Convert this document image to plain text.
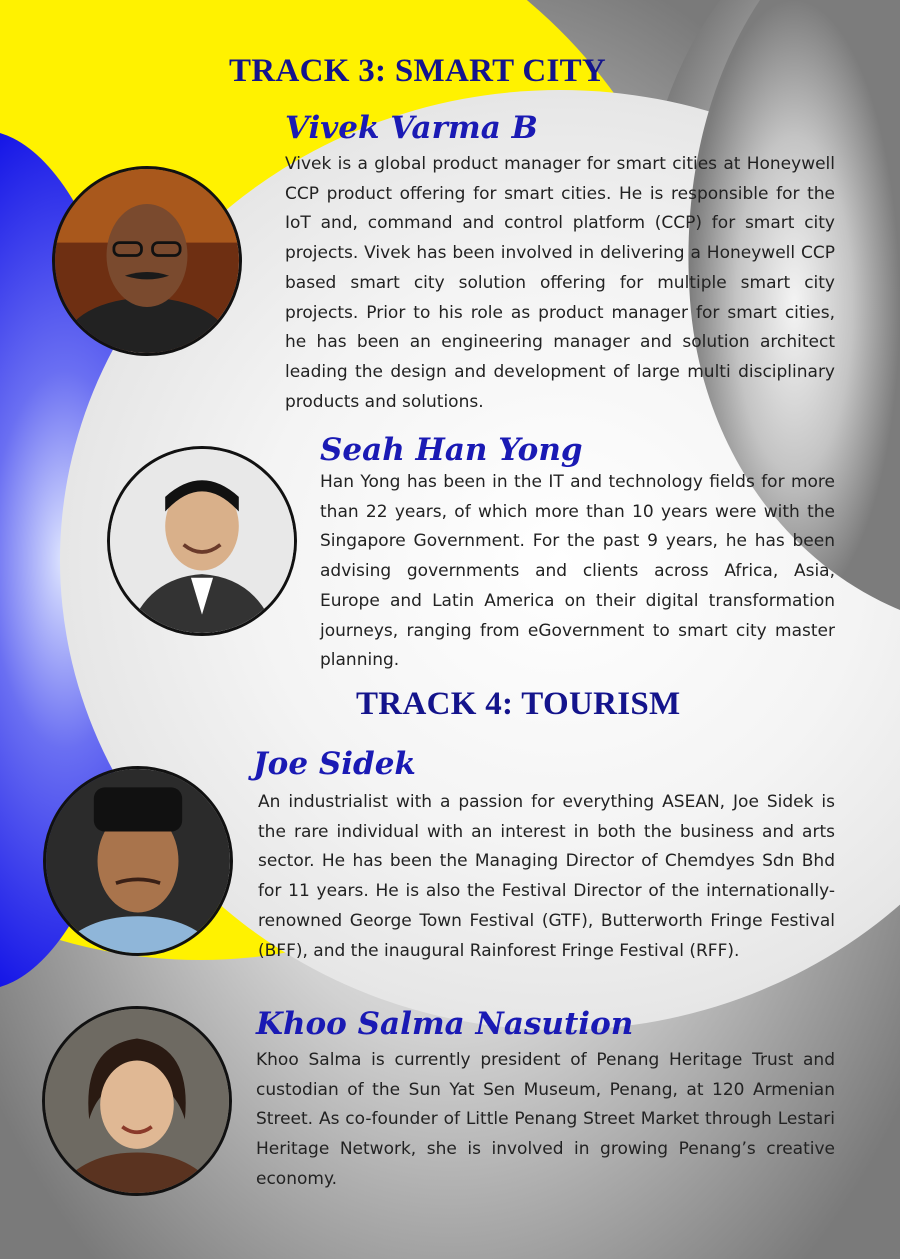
TRACK 3: SMART CITY
Vivek Varma B

Vivek is a global product manager for smart cities at Honeywell CCP product offering for smart cities. He is responsible for the IoT and, command and control platform (CCP) for smart city projects. Vivek has been involved in delivering a Honeywell CCP based smart city solution offering for multiple smart city projects. Prior to his role as product manager for smart cities, he has been an engineering manager and solution architect leading the design and development of large multi disciplinary products and solutions.

Seah Han Yong

Han Yong has been in the IT and technology fields for more than 22 years, of which more than 10 years were with the Singapore Government. For the past 9 years, he has been advising governments and clients across Africa, Asia, Europe and Latin America on their digital transformation journeys, ranging from eGovernment to smart city master planning.

TRACK 4: TOURISM
Joe Sidek

An industrialist with a passion for everything ASEAN, Joe Sidek is the rare individual with an interest in both the business and arts sector. He has been the Managing Director of Chemdyes Sdn Bhd for 11 years. He is also the Festival Director of the internationally-renowned George Town Festival (GTF), Butterworth Fringe Festival (BFF), and the inaugural Rainforest Fringe Festival (RFF).

Khoo Salma Nasution

Khoo Salma is currently president of Penang Heritage Trust and custodian of the Sun Yat Sen Museum, Penang, at 120 Armenian Street. As co-founder of Little Penang Street Market through Lestari Heritage Network, she is involved in growing Penang’s creative economy.
